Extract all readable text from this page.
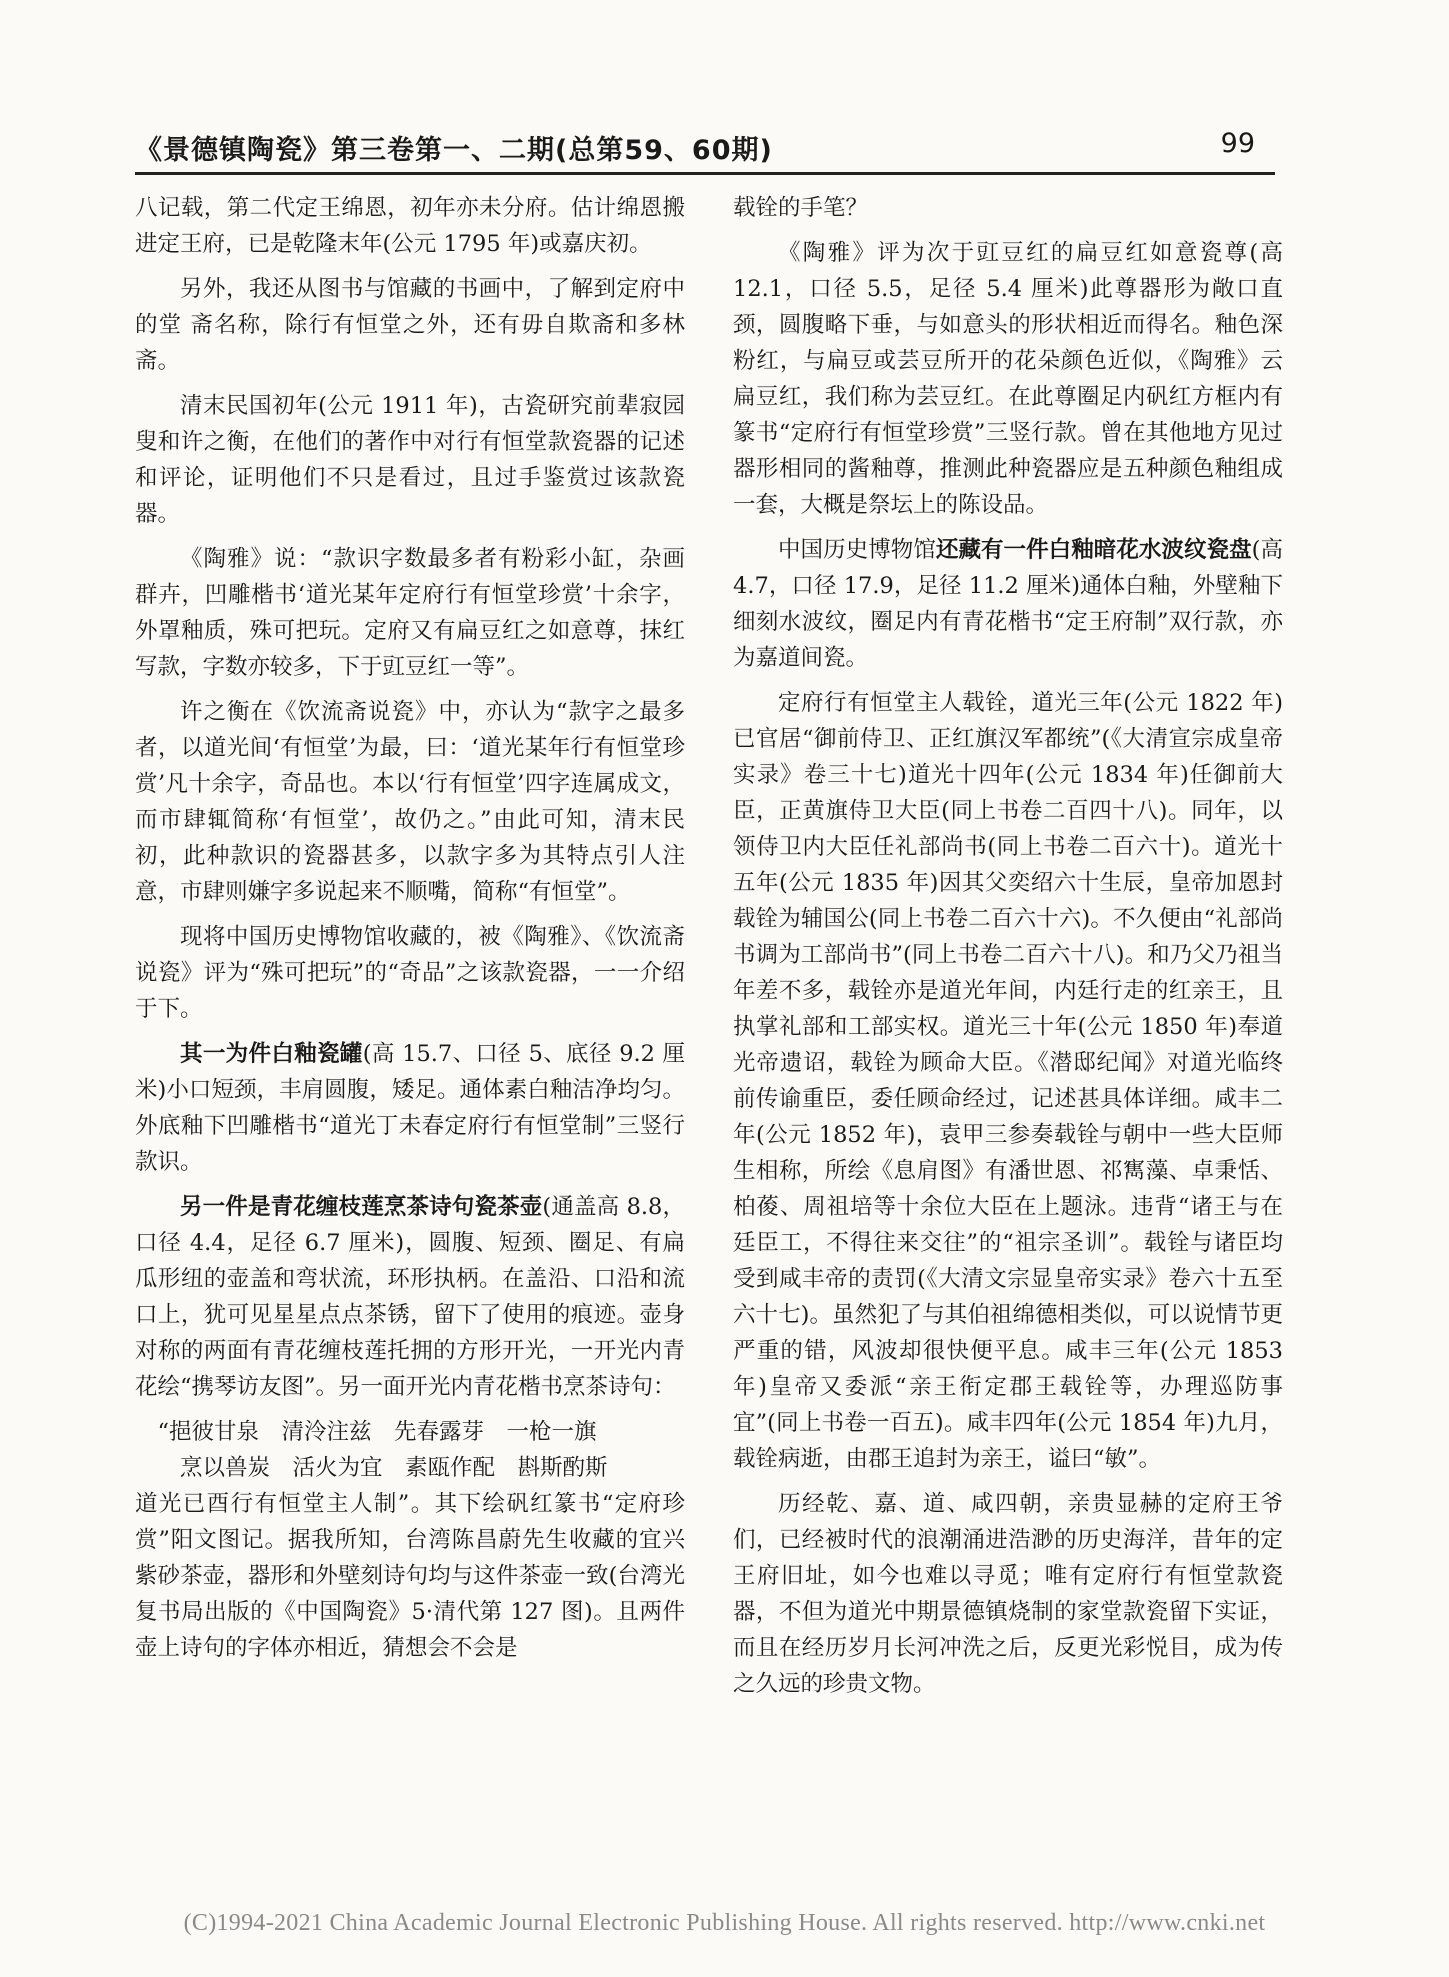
《景德镇陶瓷》第三卷第一、二期(总第59、60期)	99

八记载，第二代定王绵恩，初年亦未分府。估计绵恩搬进定王府，已是乾隆末年(公元 1795 年)或嘉庆初。

另外，我还从图书与馆藏的书画中，了解到定府中的堂 斋名称，除行有恒堂之外，还有毋自欺斋和多林斋。

清末民国初年(公元 1911 年)，古瓷研究前辈寂园叟和许之衡，在他们的著作中对行有恒堂款瓷器的记述和评论，证明他们不只是看过，且过手鉴赏过该款瓷器。

《陶雅》说：“款识字数最多者有粉彩小缸，杂画群卉，凹雕楷书‘道光某年定府行有恒堂珍赏’十余字，外罩釉质，殊可把玩。定府又有扁豆红之如意尊，抹红写款，字数亦较多，下于豇豆红一等”。

许之衡在《饮流斋说瓷》中，亦认为“款字之最多者，以道光间‘有恒堂’为最，曰：‘道光某年行有恒堂珍赏’凡十余字，奇品也。本以‘行有恒堂’四字连属成文，而市肆辄简称‘有恒堂’，故仍之。”由此可知，清末民初，此种款识的瓷器甚多，以款字多为其特点引人注意，市肆则嫌字多说起来不顺嘴，简称“有恒堂”。

现将中国历史博物馆收藏的，被《陶雅》、《饮流斋说瓷》评为“殊可把玩”的“奇品”之该款瓷器，一一介绍于下。

其一为件白釉瓷罐(高 15.7、口径 5、底径 9.2 厘米)小口短颈，丰肩圆腹，矮足。通体素白釉洁净均匀。外底釉下凹雕楷书“道光丁未春定府行有恒堂制”三竖行款识。

另一件是青花缠枝莲烹茶诗句瓷茶壶(通盖高 8.8，口径 4.4，足径 6.7 厘米)，圆腹、短颈、圈足、有扁瓜形纽的壶盖和弯状流，环形执柄。在盖沿、口沿和流口上，犹可见星星点点茶锈，留下了使用的痕迹。壶身对称的两面有青花缠枝莲托拥的方形开光，一开光内青花绘“携琴访友图”。另一面开光内青花楷书烹茶诗句：

“挹彼甘泉　清泠注兹　先春露芽　一枪一旗

烹以兽炭　活火为宜　素瓯作配　斟斯酌斯

道光已酉行有恒堂主人制”。其下绘矾红篆书“定府珍赏”阳文图记。据我所知，台湾陈昌蔚先生收藏的宜兴紫砂茶壶，器形和外壁刻诗句均与这件茶壶一致(台湾光复书局出版的《中国陶瓷》5·清代第 127 图)。且两件壶上诗句的字体亦相近，猜想会不会是

载铨的手笔？

《陶雅》评为次于豇豆红的扁豆红如意瓷尊(高 12.1，口径 5.5，足径 5.4 厘米)此尊器形为敞口直颈，圆腹略下垂，与如意头的形状相近而得名。釉色深粉红，与扁豆或芸豆所开的花朵颜色近似，《陶雅》云扁豆红，我们称为芸豆红。在此尊圈足内矾红方框内有篆书“定府行有恒堂珍赏”三竖行款。曾在其他地方见过器形相同的酱釉尊，推测此种瓷器应是五种颜色釉组成一套，大概是祭坛上的陈设品。

中国历史博物馆还藏有一件白釉暗花水波纹瓷盘(高 4.7，口径 17.9，足径 11.2 厘米)通体白釉，外壁釉下细刻水波纹，圈足内有青花楷书“定王府制”双行款，亦为嘉道间瓷。

定府行有恒堂主人载铨，道光三年(公元 1822 年)已官居“御前侍卫、正红旗汉军都统”(《大清宣宗成皇帝实录》卷三十七)道光十四年(公元 1834 年)任御前大臣，正黄旗侍卫大臣(同上书卷二百四十八)。同年，以领侍卫内大臣任礼部尚书(同上书卷二百六十)。道光十五年(公元 1835 年)因其父奕绍六十生辰，皇帝加恩封载铨为辅国公(同上书卷二百六十六)。不久便由“礼部尚书调为工部尚书”(同上书卷二百六十八)。和乃父乃祖当年差不多，载铨亦是道光年间，内廷行走的红亲王，且执掌礼部和工部实权。道光三十年(公元 1850 年)奉道光帝遗诏，载铨为顾命大臣。《潜邸纪闻》对道光临终前传谕重臣，委任顾命经过，记述甚具体详细。咸丰二年(公元 1852 年)，袁甲三参奏载铨与朝中一些大臣师生相称，所绘《息肩图》有潘世恩、祁寯藻、卓秉恬、柏葰、周祖培等十余位大臣在上题泳。违背“诸王与在廷臣工，不得往来交往”的“祖宗圣训”。载铨与诸臣均受到咸丰帝的责罚(《大清文宗显皇帝实录》卷六十五至六十七)。虽然犯了与其伯祖绵德相类似，可以说情节更严重的错，风波却很快便平息。咸丰三年(公元 1853 年)皇帝又委派“亲王衔定郡王载铨等，办理巡防事宜”(同上书卷一百五)。咸丰四年(公元 1854 年)九月，载铨病逝，由郡王追封为亲王，谥曰“敏”。

历经乾、嘉、道、咸四朝，亲贵显赫的定府王爷们，已经被时代的浪潮涌进浩渺的历史海洋，昔年的定王府旧址，如今也难以寻觅；唯有定府行有恒堂款瓷器，不但为道光中期景德镇烧制的家堂款瓷留下实证，而且在经历岁月长河冲洗之后，反更光彩悦目，成为传之久远的珍贵文物。

(C)1994-2021 China Academic Journal Electronic Publishing House. All rights reserved. http://www.cnki.net
